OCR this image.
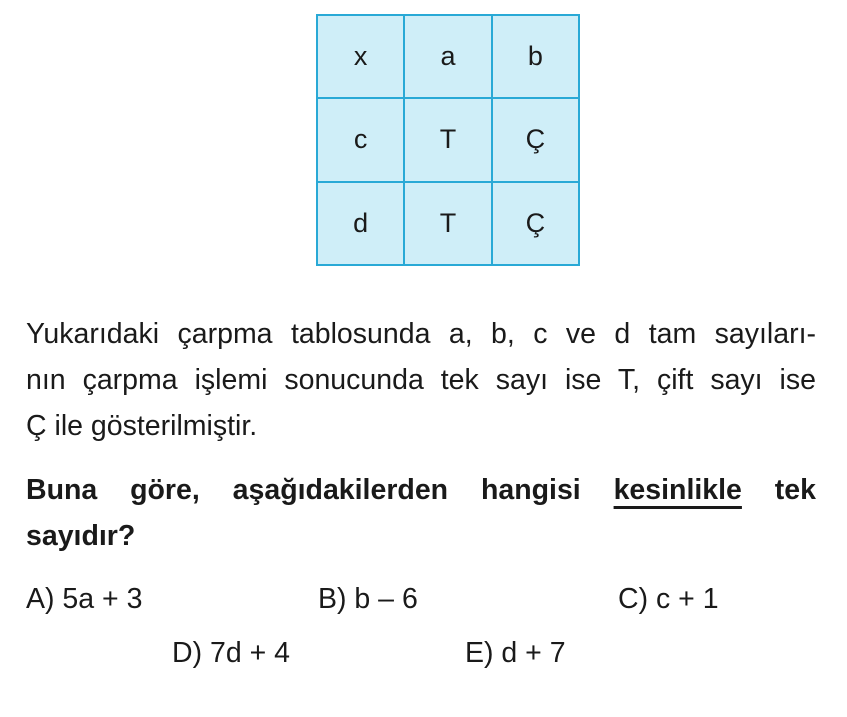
x	a	b
c	T	Ç
d	T	Ç
Yukarıdaki çarpma tablosunda a, b, c ve d tam sayıları-
nın çarpma işlemi sonucunda tek sayı ise T, çift sayı ise
Ç ile gösterilmiştir.
Buna göre, aşağıdakilerden hangisi kesinlikle tek
sayıdır?
A) 5a + 3	B) b – 6	C) c + 1
D) 7d + 4	E) d + 7
